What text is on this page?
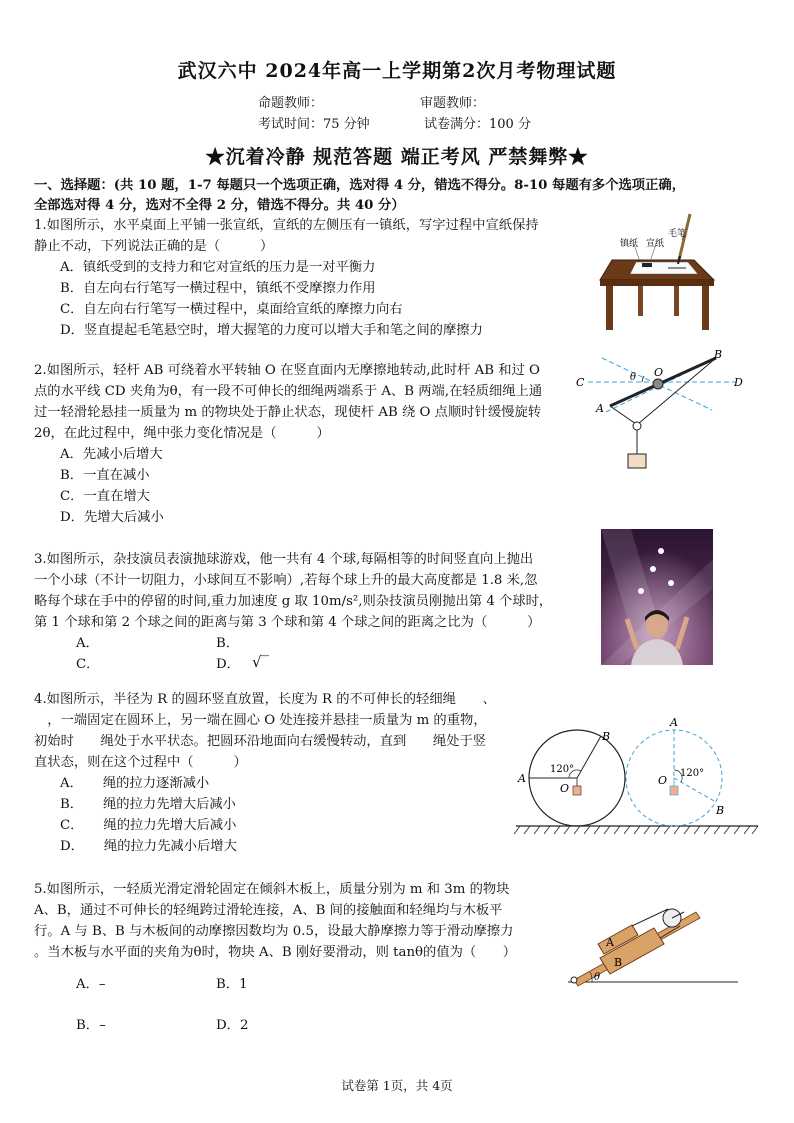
武汉六中 2024年高一上学期第2次月考物理试题
命题教师：	审题教师：
考试时间：75 分钟	试卷满分：100 分
★沉着冷静 规范答题 端正考风 严禁舞弊★
一、选择题：(共 10 题，1-7 每题只一个选项正确，选对得 4 分，错选不得分。8-10 每题有多个选项正确，
全部选对得 4 分，选对不全得 2 分，错选不得分。共 40 分）
1.如图所示，水平桌面上平铺一张宣纸，宣纸的左侧压有一镇纸，写字过程中宣纸保持
静止不动，下列说法正确的是（　　　）
A．镇纸受到的支持力和它对宣纸的压力是一对平衡力
B．自左向右行笔写一横过程中，镇纸不受摩擦力作用
C．自左向右行笔写一横过程中，桌面给宣纸的摩擦力向右
D．竖直提起毛笔悬空时，增大握笔的力度可以增大手和笔之间的摩擦力
镇纸 宣纸
毛笔
2.如图所示，轻杆 AB 可绕着水平转轴 O 在竖直面内无摩擦地转动,此时杆 AB 和过 O
点的水平线 CD 夹角为θ，有一段不可伸长的细绳两端系于 A、B 两端,在轻质细绳上通
过一轻滑轮悬挂一质量为 m 的物块处于静止状态，现使杆 AB 绕 O 点顺时针缓慢旋转
2θ，在此过程中，绳中张力变化情况是（　　　）
A．先减小后增大
B．一直在减小
C．一直在增大
D．先增大后减小
B
C	D
A
O
θ
3.如图所示，杂技演员表演抛球游戏，他一共有 4 个球,每隔相等的时间竖直向上抛出
一个小球（不计一切阻力，小球间互不影响）,若每个球上升的最大高度都是 1.8 米,忽
略每个球在手中的停留的时间,重力加速度 g 取 10m/s²,则杂技演员刚抛出第 4 个球时，
第 1 个球和第 2 个球之间的距离与第 3 个球和第 4 个球之间的距离之比为（　　　）
A．	B．
C．	D． √‾
4.如图所示，半径为 R 的圆环竖直放置，长度为 R 的不可伸长的轻细绳　　、
　，一端固定在圆环上，另一端在圆心 O 处连接并悬挂一质量为 m 的重物，
初始时　　绳处于水平状态。把圆环沿地面向右缓慢转动，直到　　绳处于竖
直状态，则在这个过程中（　　　）
A．　　绳的拉力逐渐减小
B．　　绳的拉力先增大后减小
C．　　绳的拉力先增大后减小
D．　　绳的拉力先减小后增大
A
B
O
120°
A
B
O
120°
5.如图所示，一轻质光滑定滑轮固定在倾斜木板上，质量分别为 m 和 3m 的物块
A、B，通过不可伸长的轻绳跨过滑轮连接，A、B 间的接触面和轻绳均与木板平
行。A 与 B、B 与木板间的动摩擦因数均为 0.5，设最大静摩擦力等于滑动摩擦力
。当木板与水平面的夹角为θ时，物块 A、B 刚好要滑动，则 tanθ的值为（　　）
A．–	B．1
B．–	D．2
A
B
θ
试卷第 1页，共 4页
